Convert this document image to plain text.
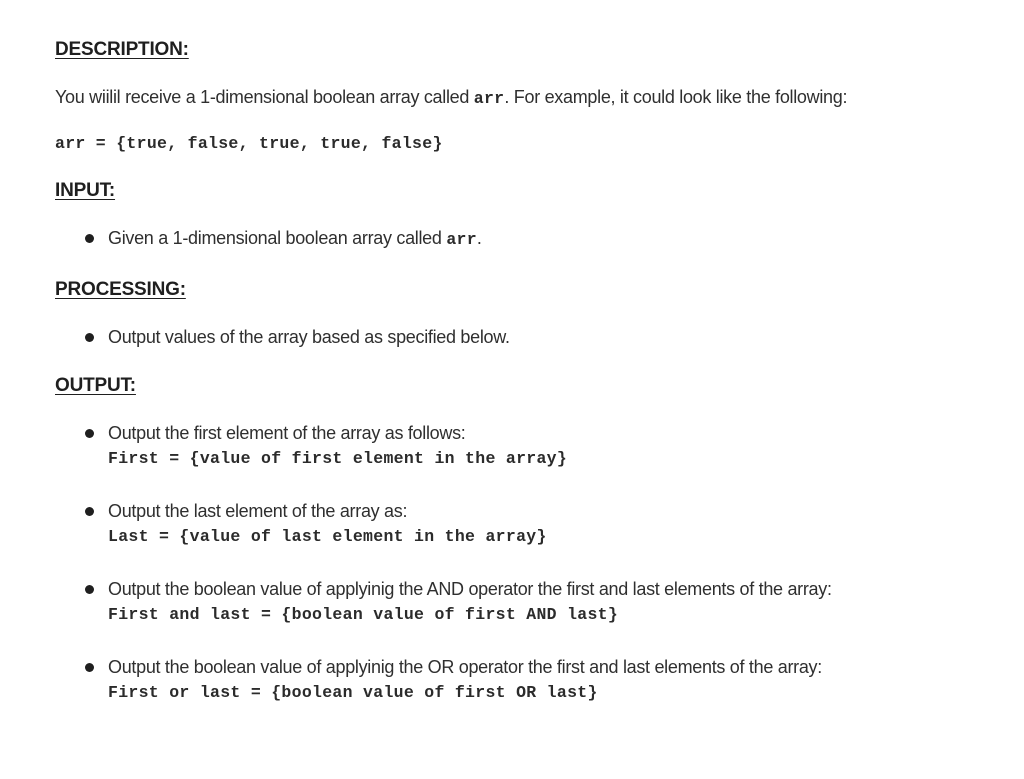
DESCRIPTION:

You wiilil receive a 1-dimensional boolean array called arr. For example, it could look like the following:

arr = {true, false, true, true, false}

INPUT:
Given a 1-dimensional boolean array called arr.
PROCESSING:
Output values of the array based as specified below.
OUTPUT:
Output the first element of the array as follows:
First = {value of first element in the array}
Output the last element of the array as:
Last = {value of last element in the array}
Output the boolean value of applyinig the AND operator the first and last elements of the array:
First and last = {boolean value of first AND last}
Output the boolean value of applyinig the OR operator the first and last elements of the array:
First or last = {boolean value of first OR last}
